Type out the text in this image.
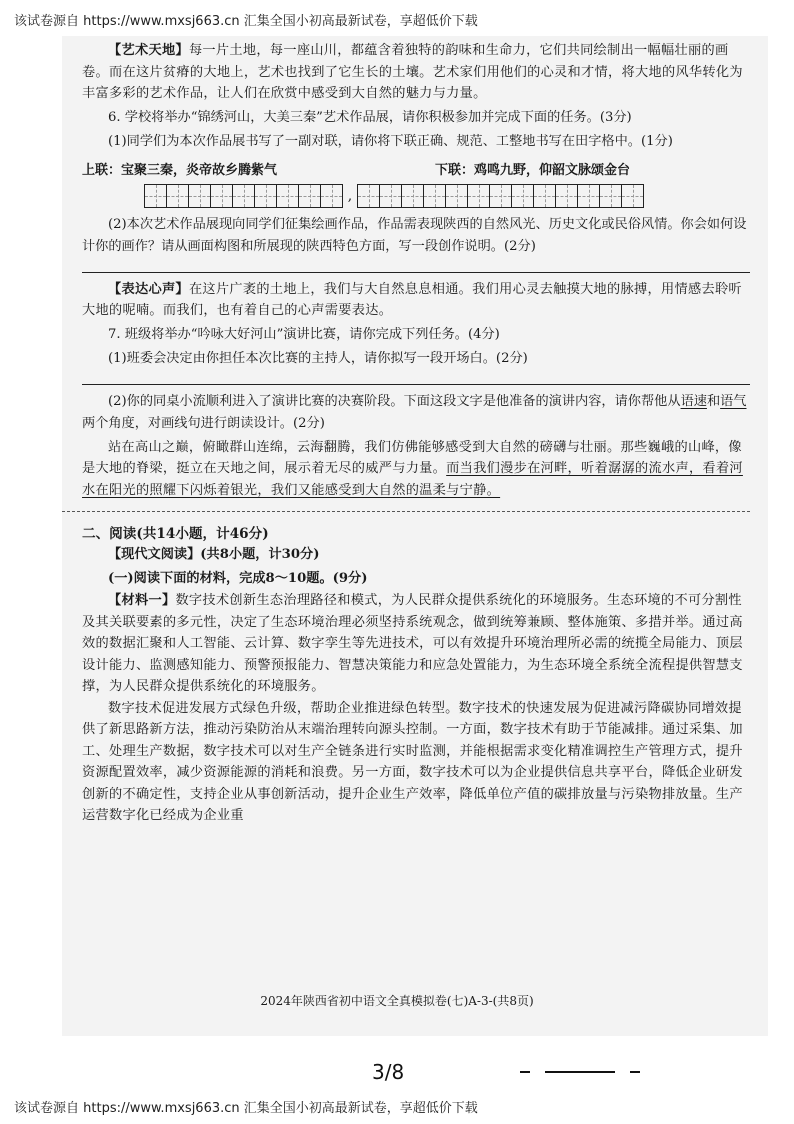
该试卷源自 https://www.mxsj663.cn 汇集全国小初高最新试卷，享超低价下载

【艺术天地】每一片土地，每一座山川，都蕴含着独特的韵味和生命力，它们共同绘制出一幅幅壮丽的画卷。而在这片贫瘠的大地上，艺术也找到了它生长的土壤。艺术家们用他们的心灵和才情，将大地的风华转化为丰富多彩的艺术作品，让人们在欣赏中感受到大自然的魅力与力量。

6. 学校将举办“锦绣河山，大美三秦”艺术作品展，请你积极参加并完成下面的任务。(3分)

(1)同学们为本次作品展书写了一副对联，请你将下联正确、规范、工整地书写在田字格中。(1分)

上联：宝聚三秦，炎帝故乡腾紫气	下联：鸡鸣九野，仰韶文脉颂金台
,

(2)本次艺术作品展现向同学们征集绘画作品，作品需表现陕西的自然风光、历史文化或民俗风情。你会如何设计你的画作？请从画面构图和所展现的陕西特色方面，写一段创作说明。(2分)

【表达心声】在这片广袤的土地上，我们与大自然息息相通。我们用心灵去触摸大地的脉搏，用情感去聆听大地的呢喃。而我们，也有着自己的心声需要表达。

7. 班级将举办“吟咏大好河山”演讲比赛，请你完成下列任务。(4分)

(1)班委会决定由你担任本次比赛的主持人，请你拟写一段开场白。(2分)

(2)你的同桌小流顺利进入了演讲比赛的决赛阶段。下面这段文字是他准备的演讲内容，请你帮他从语速和语气两个角度，对画线句进行朗读设计。(2分)

站在高山之巅，俯瞰群山连绵，云海翻腾，我们仿佛能够感受到大自然的磅礴与壮丽。那些巍峨的山峰，像是大地的脊梁，挺立在天地之间，展示着无尽的威严与力量。而当我们漫步在河畔，听着潺潺的流水声，看着河水在阳光的照耀下闪烁着银光，我们又能感受到大自然的温柔与宁静。

二、阅读(共14小题，计46分)

【现代文阅读】(共8小题，计30分)

(一)阅读下面的材料，完成8～10题。(9分)

【材料一】数字技术创新生态治理路径和模式，为人民群众提供系统化的环境服务。生态环境的不可分割性及其关联要素的多元性，决定了生态环境治理必须坚持系统观念，做到统筹兼顾、整体施策、多措并举。通过高效的数据汇聚和人工智能、云计算、数字孪生等先进技术，可以有效提升环境治理所必需的统揽全局能力、顶层设计能力、监测感知能力、预警预报能力、智慧决策能力和应急处置能力，为生态环境全系统全流程提供智慧支撑，为人民群众提供系统化的环境服务。

数字技术促进发展方式绿色升级，帮助企业推进绿色转型。数字技术的快速发展为促进减污降碳协同增效提供了新思路新方法，推动污染防治从末端治理转向源头控制。一方面，数字技术有助于节能减排。通过采集、加工、处理生产数据，数字技术可以对生产全链条进行实时监测，并能根据需求变化精准调控生产管理方式，提升资源配置效率，减少资源能源的消耗和浪费。另一方面，数字技术可以为企业提供信息共享平台，降低企业研发创新的不确定性，支持企业从事创新活动，提升企业生产效率，降低单位产值的碳排放量与污染物排放量。生产运营数字化已经成为企业重

2024年陕西省初中语文全真模拟卷(七)A-3-(共8页)
3/8
该试卷源自 https://www.mxsj663.cn 汇集全国小初高最新试卷，享超低价下载
